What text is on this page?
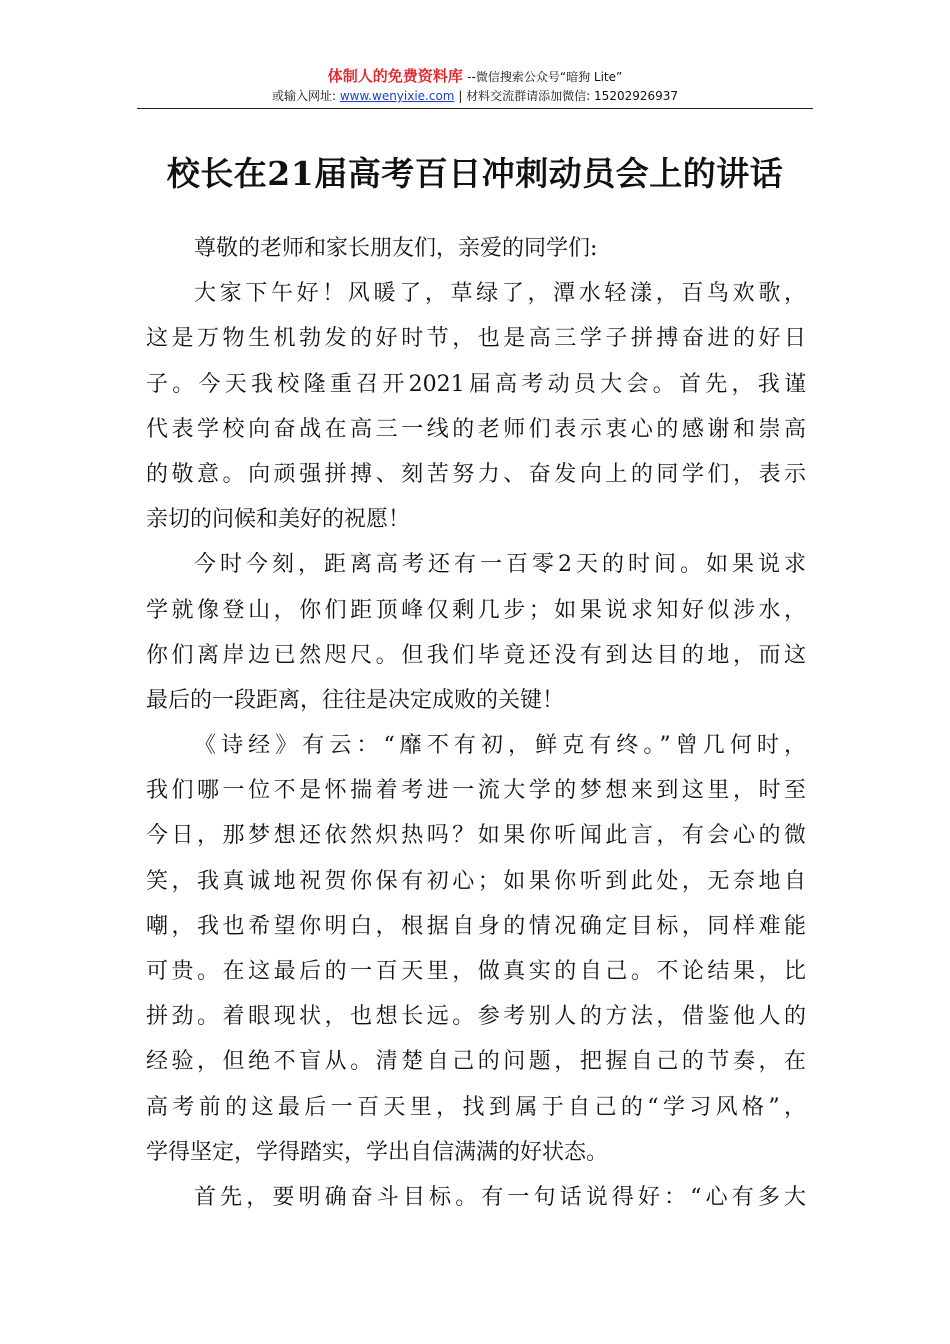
体制人的免费资料库 --微信搜索公众号“暗狗 Lite”
或输入网址: www.wenyixie.com | 材料交流群请添加微信: 15202926937
校长在21届高考百日冲刺动员会上的讲话
尊敬的老师和家长朋友们，亲爱的同学们:
大家下午好！风暖了，草绿了，潭水轻漾，百鸟欢歌，
这是万物生机勃发的好时节，也是高三学子拼搏奋进的好日
子。今天我校隆重召开2021届高考动员大会。首先，我谨
代表学校向奋战在高三一线的老师们表示衷心的感谢和崇高
的敬意。向顽强拼搏、刻苦努力、奋发向上的同学们，表示
亲切的问候和美好的祝愿！
今时今刻，距离高考还有一百零2天的时间。如果说求
学就像登山，你们距顶峰仅剩几步；如果说求知好似涉水，
你们离岸边已然咫尺。但我们毕竟还没有到达目的地，而这
最后的一段距离，往往是决定成败的关键！
《诗经》有云：“靡不有初，鲜克有终。”曾几何时，
我们哪一位不是怀揣着考进一流大学的梦想来到这里，时至
今日，那梦想还依然炽热吗？如果你听闻此言，有会心的微
笑，我真诚地祝贺你保有初心；如果你听到此处，无奈地自
嘲，我也希望你明白，根据自身的情况确定目标，同样难能
可贵。在这最后的一百天里，做真实的自己。不论结果，比
拼劲。着眼现状，也想长远。参考别人的方法，借鉴他人的
经验，但绝不盲从。清楚自己的问题，把握自己的节奏，在
高考前的这最后一百天里，找到属于自己的“学习风格”，
学得坚定，学得踏实，学出自信满满的好状态。
首先，要明确奋斗目标。有一句话说得好：“心有多大
